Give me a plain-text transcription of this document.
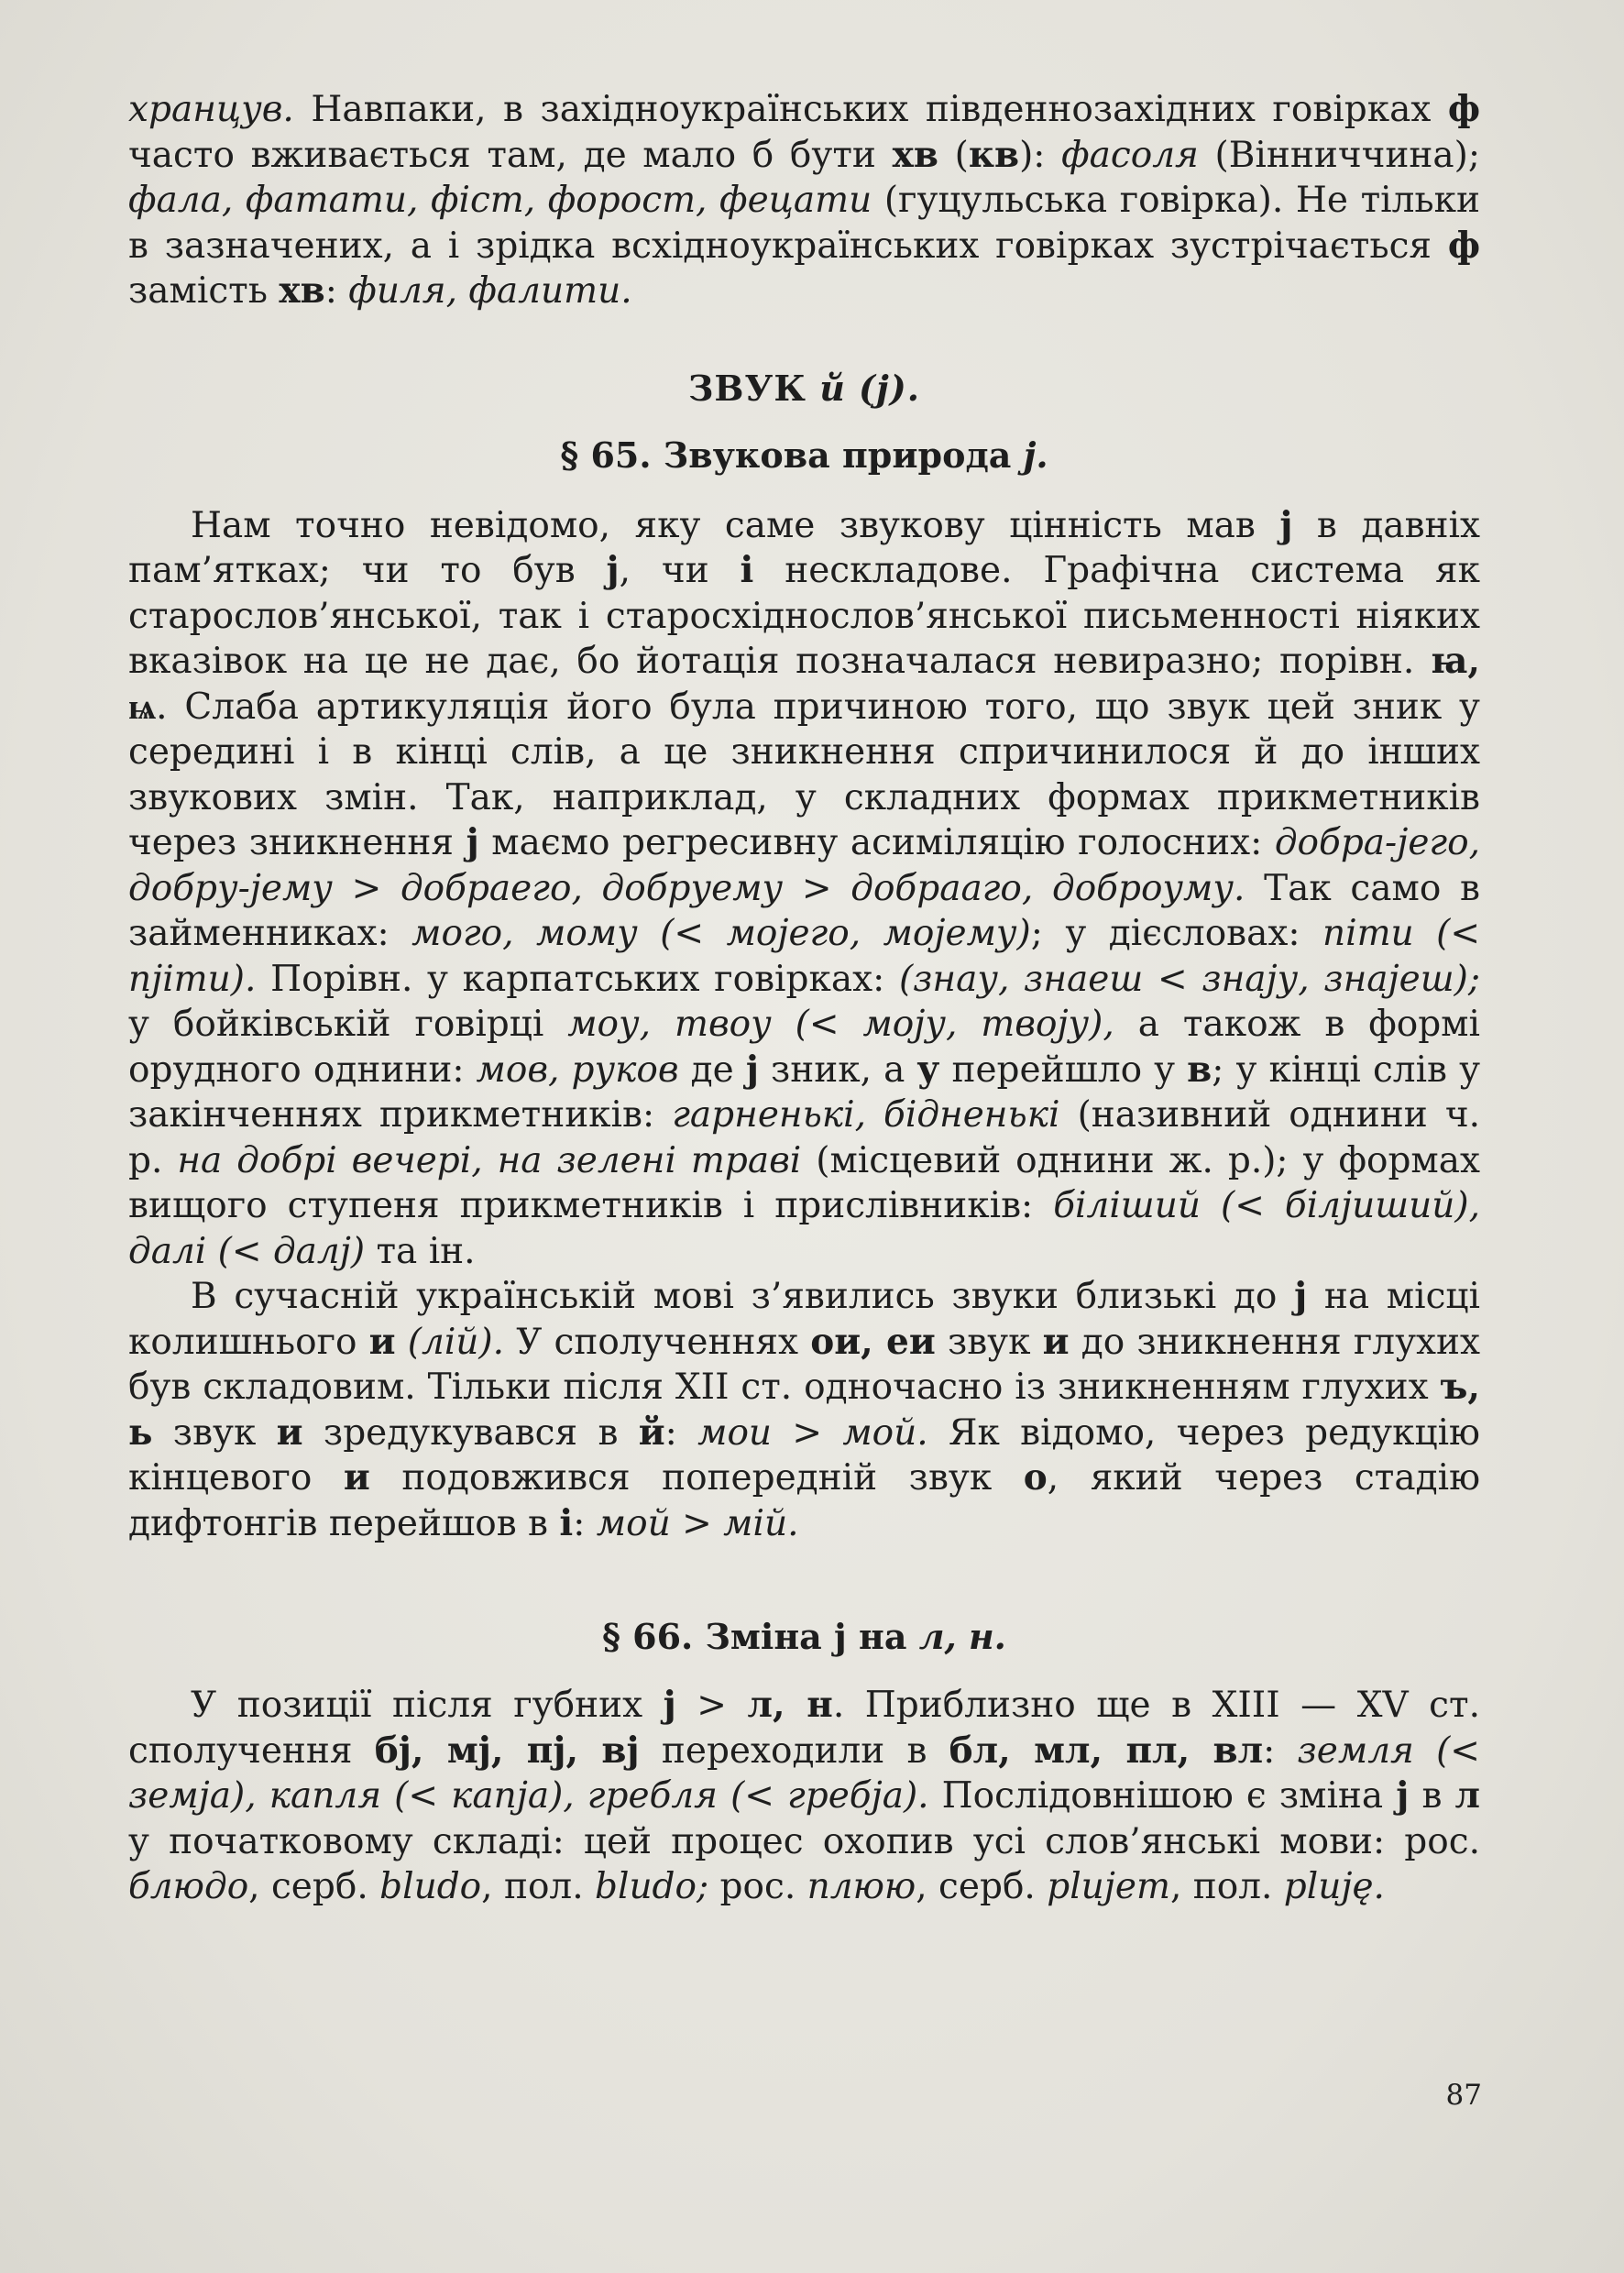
хранцув. Навпаки, в західноукраїнських південнозахідних говірках ф часто вживається там, де мало б бути хв (кв): фасоля (Вінниччина); фала, фатати, фіст, форост, фецати (гуцульська говірка). Не тільки в зазначених, а і зрідка всхідноукраїнських говірках зустрічається ф замість хв: филя, фалити.

ЗВУК й (j).
§ 65. Звукова природа j.

Нам точно невідомо, яку саме звукову цінність мав j в давніх пам’ятках; чи то був j, чи і нескладове. Графічна система як старослов’янської, так і старосхіднослов’янської письменності ніяких вказівок на це не дає, бо йотація позначалася невиразно; порівн. ꙗ, ѩ. Слаба артикуляція його була причиною того, що звук цей зник у середині і в кінці слів, а це зникнення спричинилося й до інших звукових змін. Так, наприклад, у складних формах прикметників через зникнення j маємо регресивну асиміляцію голосних: добра-јего, добру-јему > добраего, добруему > добрааго, доброуму. Так само в займенниках: мого, мому (< мојего, мојему); у дієсловах: піти (< пјіти). Порівн. у карпатських говірках: (знау, знаеш < знају, знајеш); у бойківській говірці моу, твоу (< моју, твоју), а також в формі орудного однини: мов, руков де j зник, а у перейшло у в; у кінці слів у закінченнях прикметників: гарненькі, бідненькі (називний однини ч. р. на добрі вечері, на зелені траві (місцевий однини ж. р.); у формах вищого ступеня прикметників і прислівників: біліший (< білјиший), далі (< далј) та ін.

В сучасній українській мові з’явились звуки близькі до j на місці колишнього и (лій). У сполученнях ои, еи звук и до зникнення глухих був складовим. Тільки після XII ст. одночасно із зникненням глухих ъ, ь звук и зредукувався в й: мои > мой. Як відомо, через редукцію кінцевого и подовжився попередній звук о, який через стадію дифтонгів перейшов в і: мой > мій.

§ 66. Зміна j на л, н.

У позиції після губних j > л, н. Приблизно ще в XIII — XV ст. сполучення бj, мj, пj, вj переходили в бл, мл, пл, вл: земля (< земја), капля (< капја), гребля (< гребја). Послідовнішою є зміна j в л у початковому складі: цей процес охопив усі слов’янські мови: рос. блюдо, серб. bludo, пол. bludo; рос. плюю, серб. plujem, пол. pluję.

87
